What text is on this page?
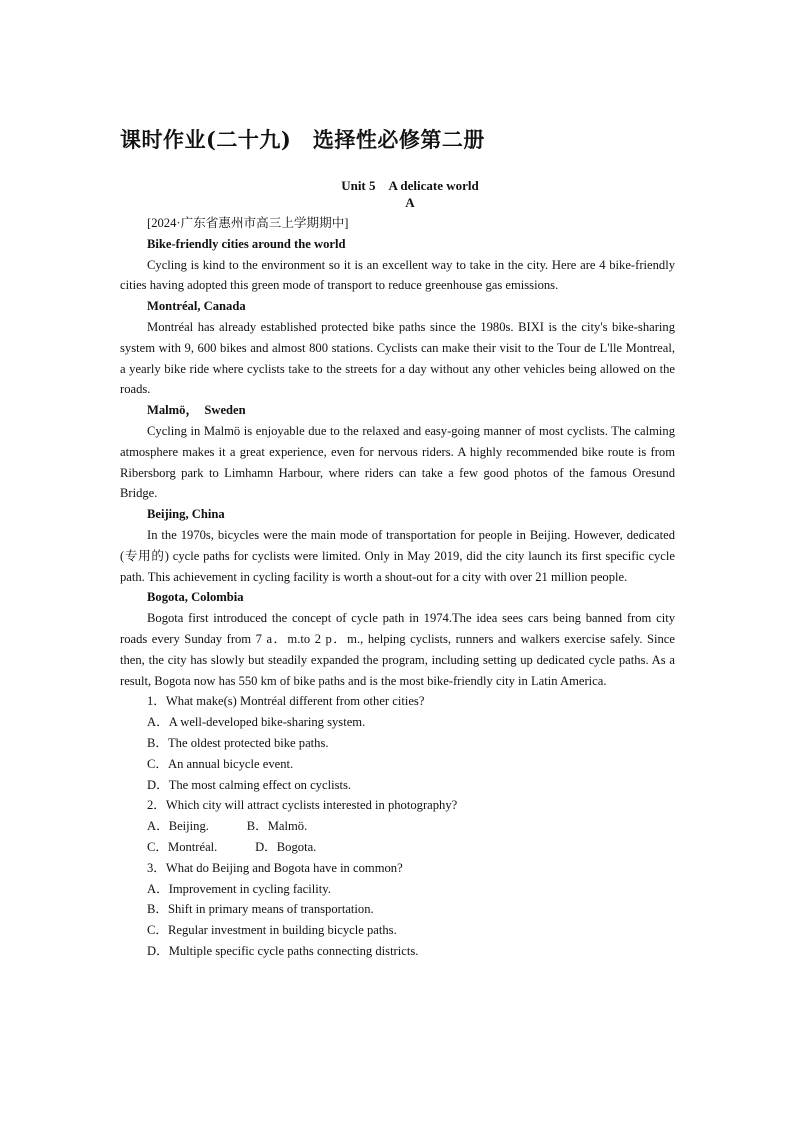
课时作业(二十九)　选择性必修第二册
Unit 5　A delicate world
A

[2024·广东省惠州市高三上学期期中]

Bike-friendly cities around the world

Cycling is kind to the environment so it is an excellent way to take in the city. Here are 4 bike-friendly cities having adopted this green mode of transport to reduce greenhouse gas emissions.

Montréal, Canada

Montréal has already established protected bike paths since the 1980s. BIXI is the city's bike-sharing system with 9, 600 bikes and almost 800 stations. Cyclists can make their visit to the Tour de L'lle Montreal, a yearly bike ride where cyclists take to the streets for a day without any other vehicles being allowed on the roads.

Malmö，　Sweden

Cycling in Malmö is enjoyable due to the relaxed and easy-going manner of most cyclists. The calming atmosphere makes it a great experience, even for nervous riders. A highly recommended bike route is from Ribersborg park to Limhamn Harbour, where riders can take a few good photos of the famous Oresund Bridge.

Beijing, China

In the 1970s, bicycles were the main mode of transportation for people in Beijing. However, dedicated (专用的) cycle paths for cyclists were limited. Only in May 2019, did the city launch its first specific cycle path. This achievement in cycling facility is worth a shout-out for a city with over 21 million people.

Bogota, Colombia

Bogota first introduced the concept of cycle path in 1974.The idea sees cars being banned from city roads every Sunday from 7 a．m.to 2 p．m., helping cyclists, runners and walkers exercise safely. Since then, the city has slowly but steadily expanded the program, including setting up dedicated cycle paths. As a result, Bogota now has 550 km of bike paths and is the most bike-friendly city in Latin America.

1．What make(s) Montréal different from other cities?

A．A well-developed bike-sharing system.

B．The oldest protected bike paths.

C．An annual bicycle event.

D．The most calming effect on cyclists.

2．Which city will attract cyclists interested in photography?

A．Beijing.　　　B．Malmö.

C．Montréal.　　　D．Bogota.

3．What do Beijing and Bogota have in common?

A．Improvement in cycling facility.

B．Shift in primary means of transportation.

C．Regular investment in building bicycle paths.

D．Multiple specific cycle paths connecting districts.
